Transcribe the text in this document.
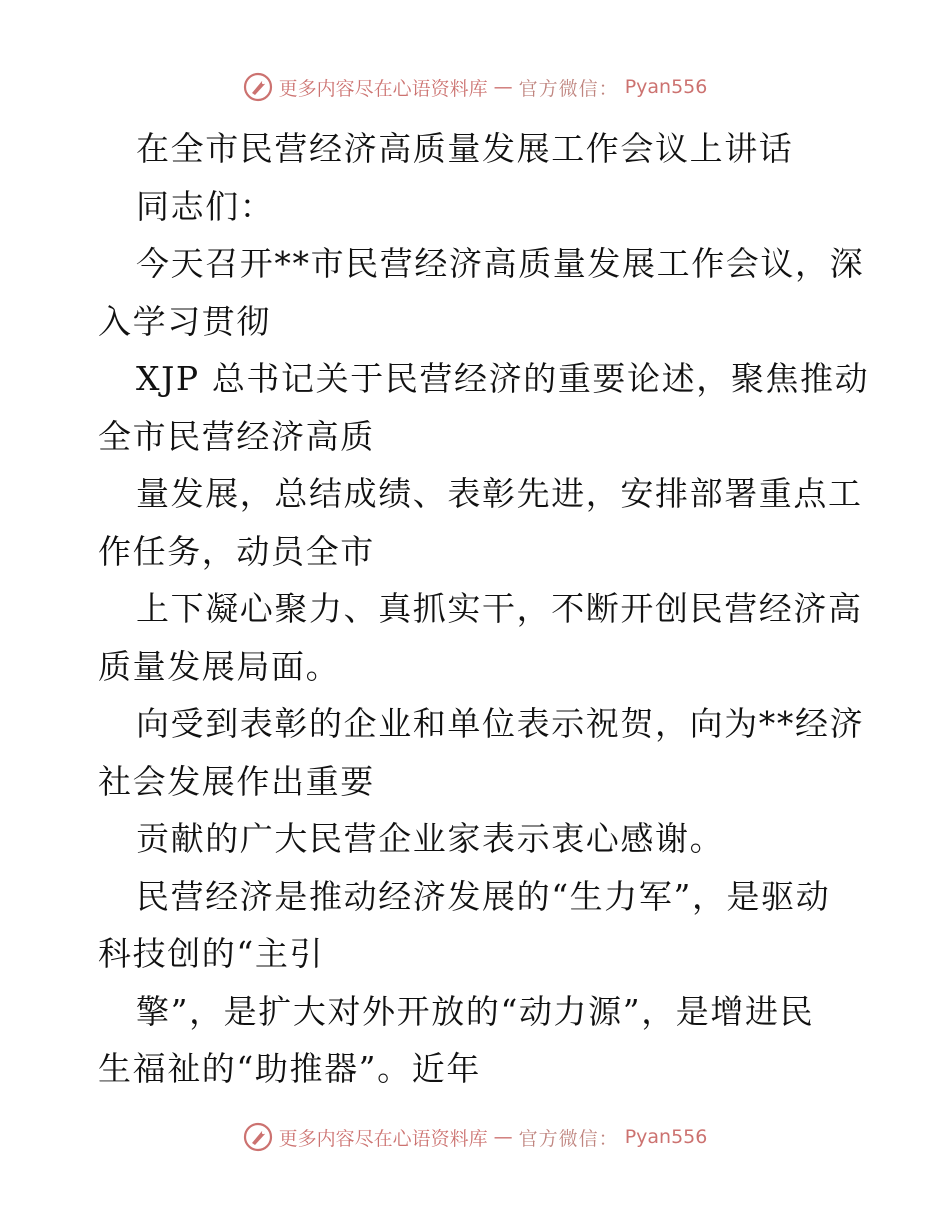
更多内容尽在心语资料库 — 官方微信： Pyan556
在全市民营经济高质量发展工作会议上讲话
同志们：
今天召开**市民营经济高质量发展工作会议，深
入学习贯彻
XJP 总书记关于民营经济的重要论述，聚焦推动
全市民营经济高质
量发展，总结成绩、表彰先进，安排部署重点工
作任务，动员全市
上下凝心聚力、真抓实干，不断开创民营经济高
质量发展局面。
向受到表彰的企业和单位表示祝贺，向为**经济
社会发展作出重要
贡献的广大民营企业家表示衷心感谢。
民营经济是推动经济发展的“生力军”，是驱动
科技创的“主引
擎”，是扩大对外开放的“动力源”，是增进民
生福祉的“助推器”。近年
更多内容尽在心语资料库 — 官方微信： Pyan556
